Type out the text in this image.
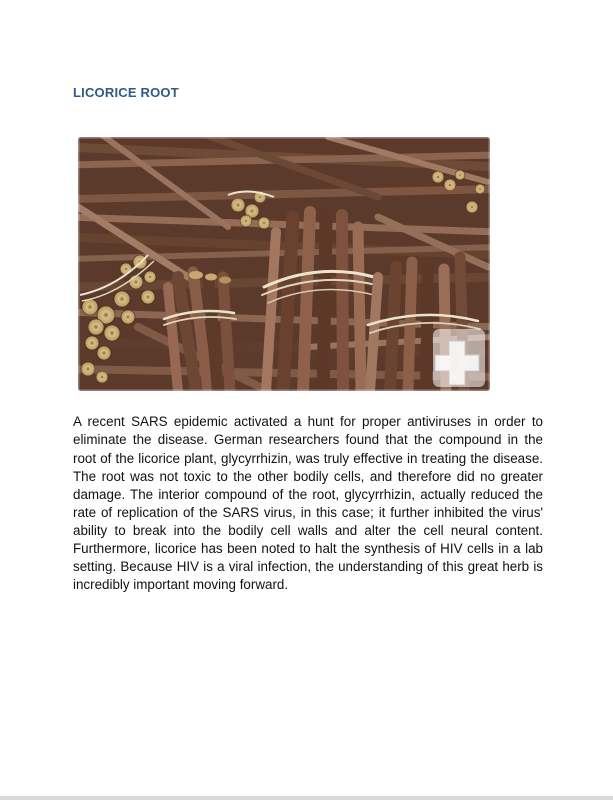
LICORICE ROOT

A recent SARS epidemic activated a hunt for proper antiviruses in order to eliminate the disease. German researchers found that the compound in the root of the licorice plant, glycyrrhizin, was truly effective in treating the disease. The root was not toxic to the other bodily cells, and therefore did no greater damage. The interior compound of the root, glycyrrhizin, actually reduced the rate of replication of the SARS virus, in this case; it further inhibited the virus' ability to break into the bodily cell walls and alter the cell neural content. Furthermore, licorice has been noted to halt the synthesis of HIV cells in a lab setting. Because HIV is a viral infection, the understanding of this great herb is incredibly important moving forward.
